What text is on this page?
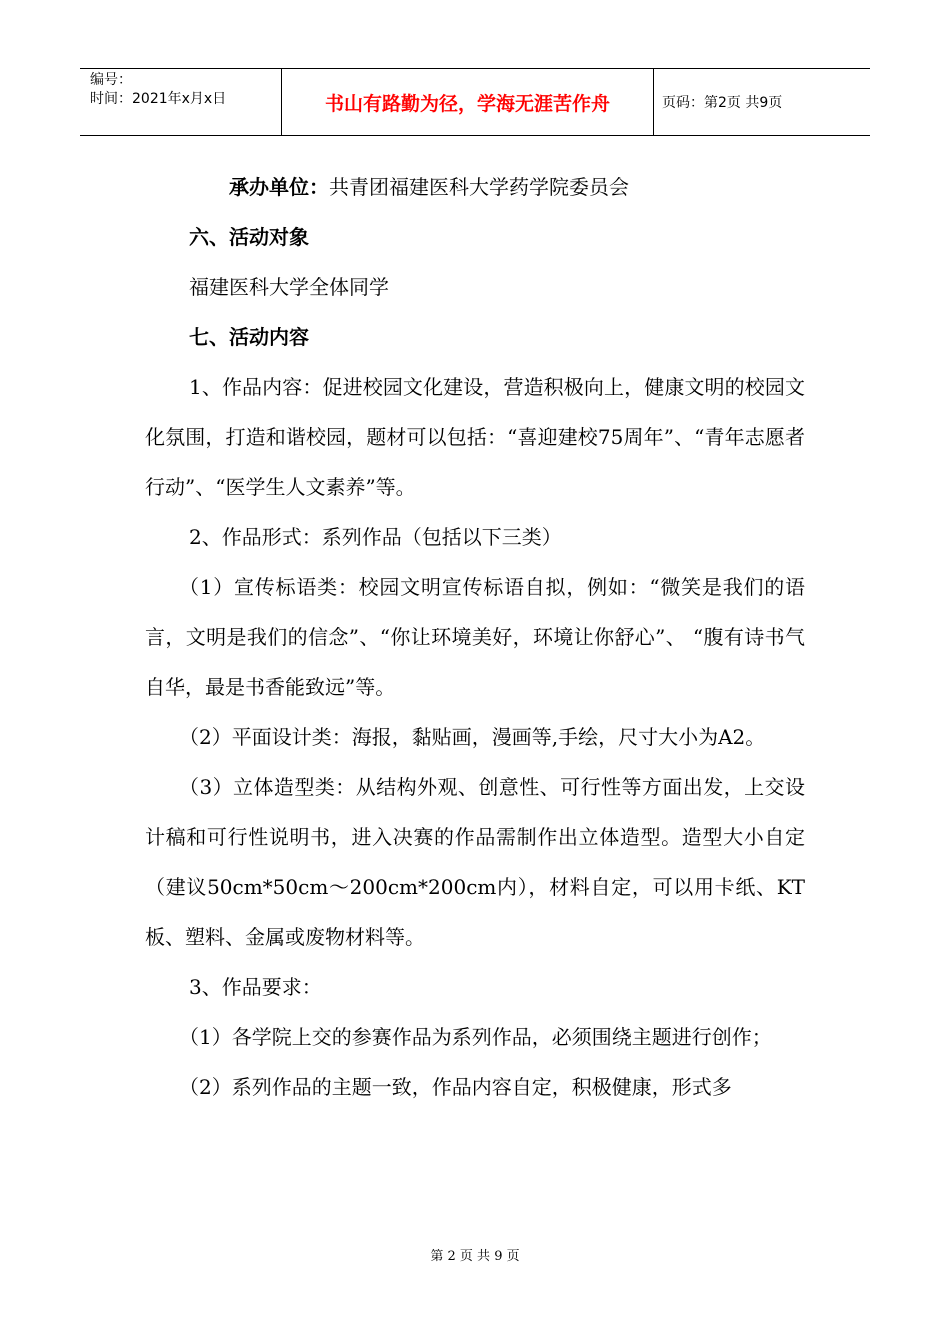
编号：
时间：2021年x月x日	书山有路勤为径，学海无涯苦作舟	页码：第2页 共9页

承办单位：共青团福建医科大学药学院委员会

六、活动对象

福建医科大学全体同学

七、活动内容

1、作品内容：促进校园文化建设，营造积极向上，健康文明的校园文化氛围，打造和谐校园，题材可以包括：“喜迎建校75周年”、“青年志愿者行动”、“医学生人文素养”等。

2、作品形式：系列作品（包括以下三类）

（1）宣传标语类：校园文明宣传标语自拟，例如：“微笑是我们的语言，文明是我们的信念”、“你让环境美好，环境让你舒心”、 “腹有诗书气自华，最是书香能致远”等。

（2）平面设计类：海报，黏贴画，漫画等,手绘，尺寸大小为A2。

（3）立体造型类：从结构外观、创意性、可行性等方面出发，上交设计稿和可行性说明书，进入决赛的作品需制作出立体造型。造型大小自定（建议50cm*50cm～200cm*200cm内），材料自定，可以用卡纸、KT板、塑料、金属或废物材料等。

3、作品要求：

（1）各学院上交的参赛作品为系列作品，必须围绕主题进行创作；

（2）系列作品的主题一致，作品内容自定，积极健康，形式多

第 2 页 共 9 页
